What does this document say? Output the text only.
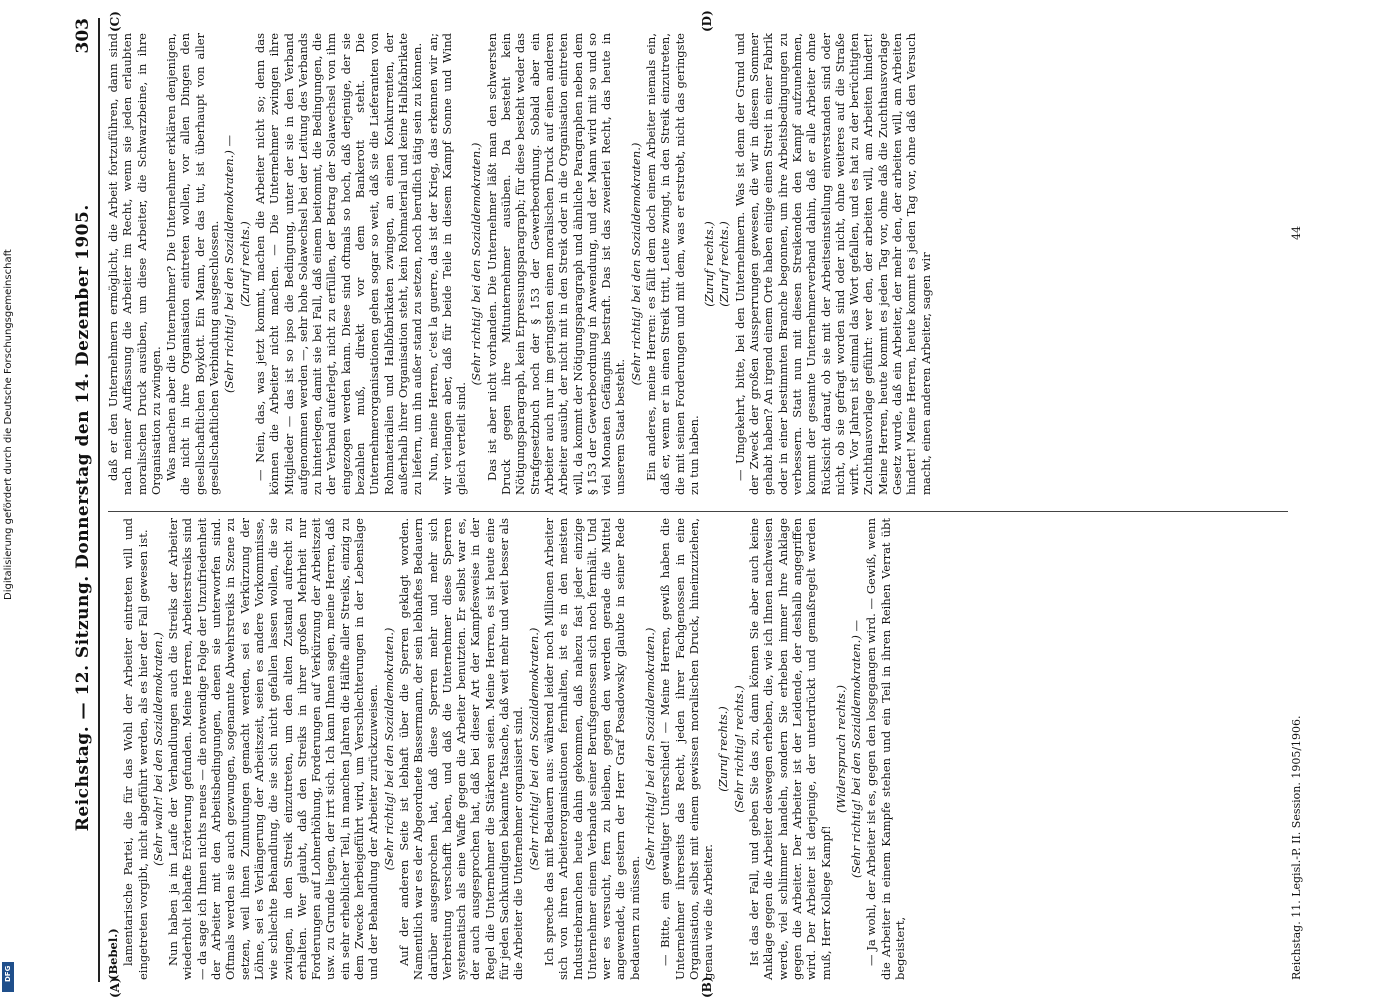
Reichstag. — 12. Sitzung. Donnerstag den 14. Dezember 1905.
303
(A)	(B)
(C)	(D)

(Bebel.) lamentarische Partei, die für das Wohl der Arbeiter eintreten will und eingetreten vorgibt, nicht abgeführt werden, als es hier der Fall gewesen ist. (Sehr wahr! bei den Sozialdemokraten.) Nun haben ja im Laufe der Verhandlungen auch die Streiks der Arbeiter wiederholt lebhafte Erörterung gefunden. Meine Herren, Arbeiterstreiks sind — da sage ich Ihnen nichts neues — die notwendige Folge der Unzufriedenheit der Arbeiter mit den Arbeitsbedingungen, denen sie unterworfen sind. Oftmals werden sie auch gezwungen, sogenannte Abwehrstreiks in Szene zu setzen, weil ihnen Zumutungen gemacht werden, sei es Verkürzung der Löhne, sei es Verlängerung der Arbeitszeit, seien es andere Vorkommnisse, wie schlechte Behandlung, die sie sich nicht gefallen lassen wollen, die sie zwingen, in den Streik einzutreten, um den alten Zustand aufrecht zu erhalten. Wer glaubt, daß den Streiks in ihrer großen Mehrheit nur Forderungen auf Lohnerhöhung, Forderungen auf Verkürzung der Arbeitszeit usw. zu Grunde liegen, der irrt sich. Ich kann Ihnen sagen, meine Herren, daß ein sehr erheblicher Teil, in manchen Jahren die Hälfte aller Streiks, einzig zu dem Zwecke herbeigeführt wird, um Verschlechterungen in der Lebenslage und der Behandlung der Arbeiter zurückzuweisen. (Sehr richtig! bei den Sozialdemokraten.) Auf der anderen Seite ist lebhaft über die Sperren geklagt worden. Namentlich war es der Abgeordnete Bassermann, der sein lebhaftes Bedauern darüber ausgesprochen hat, daß diese Sperren mehr und mehr sich Verbreitung verschafft haben, und daß die Unternehmer diese Sperren systematisch als eine Waffe gegen die Arbeiter benutzten. Er selbst war es, der auch ausgesprochen hat, daß bei dieser Art der Kampfesweise in der Regel die Unternehmer die Stärkeren seien. Meine Herren, es ist heute eine für jeden Sachkundigen bekannte Tatsache, daß weit mehr und weit besser als die Arbeiter die Unternehmer organisiert sind. (Sehr richtig! bei den Sozialdemokraten.) Ich spreche das mit Bedauern aus: während leider noch Millionen Arbeiter sich von ihren Arbeiterorganisationen fernhalten, ist es in den meisten Industriebranchen heute dahin gekommen, daß nahezu fast jeder einzige Unternehmer einem Verbande seiner Berufsgenossen sich noch fernhält. Und wer es versucht, fern zu bleiben, gegen den werden gerade die Mittel angewendet, die gestern der Herr Graf Posadowsky glaubte in seiner Rede bedauern zu müssen.

(Sehr richtig! bei den Sozialdemokraten.) — Bitte, ein gewaltiger Unterschied! — Meine Herren, gewiß haben die Unternehmer ihrerseits das Recht, jeden ihrer Fachgenossen in eine Organisation, selbst mit einem gewissen moralischen Druck, hineinzuziehen, genau wie die Arbeiter.

(Zuruf rechts.) (Sehr richtig! rechts.) Ist das der Fall, und geben Sie das zu, dann können Sie aber auch keine Anklage gegen die Arbeiter deswegen erheben, die, wie ich Ihnen nachweisen werde, viel schlimmer handeln, sondern Sie erheben immer Ihre Anklage gegen die Arbeiter. Der Arbeiter ist der Leidende, der deshalb angegriffen wird. Der Arbeiter ist derjenige, der unterdrückt und gemaßregelt werden muß, Herr Kollege Kampf!

(Widerspruch rechts.) (Sehr richtig! bei den Sozialdemokraten.) — — Ja wohl, der Arbeiter ist es, gegen den losgegangen wird. — Gewiß, wenn die Arbeiter in einem Kampfe stehen und ein Teil in ihren Reihen Verrat übt begeistert,

daß er den Unternehmern ermöglicht, die Arbeit fortzuführen, dann sind nach meiner Auffassung die Arbeiter im Recht, wenn sie jeden erlaubten moralischen Druck ausüben, um diese Arbeiter, die Schwarzbeine, in ihre Organisation zu zwingen. Was machen aber die Unternehmer? Die Unternehmer erklären denjenigen, die nicht in ihre Organisation eintreten wollen, vor allen Dingen den gesellschaftlichen Boykott. Ein Mann, der das tut, ist überhaupt von aller gesellschaftlichen Verbindung ausgeschlossen. (Sehr richtig! bei den Sozialdemokraten.) — (Zuruf rechts.) — Nein, das, was jetzt kommt, machen die Arbeiter nicht so; denn das können die Arbeiter nicht machen. — Die Unternehmer zwingen ihre Mitglieder — das ist so ipso die Bedingung, unter der sie in den Verband aufgenommen werden —, sehr hohe Solawechsel bei der Leitung des Verbands zu hinterlegen, damit sie bei Fall, daß einem beitommt, die Bedingungen, die der Verband auferlegt, nicht zu erfüllen, der Betrag der Solawechsel von ihm eingezogen werden kann. Diese sind oftmals so hoch, daß derjenige, der sie bezahlen muß, direkt vor dem Bankerott steht. Die Unternehmerorganisationen gehen sogar so weit, daß sie die Lieferanten von Rohmaterialien und Halbfabrikaten zwingen, an einen Konkurrenten, der außerhalb ihrer Organisation steht, kein Rohmaterial und keine Halbfabrikate zu liefern, um ihn außer stand zu setzen, noch beruflich tätig sein zu können. Nun, meine Herren, c'est la guerre, das ist der Krieg, das erkennen wir an; wir verlangen aber, daß für beide Teile in diesem Kampf Sonne und Wind gleich verteilt sind.

(Sehr richtig! bei den Sozialdemokraten.) Das ist aber nicht vorhanden. Die Unternehmer läßt man den schwersten Druck gegen ihre Mitunternehmer ausüben. Da besteht kein Nötigungsparagraph, kein Erpressungsparagraph; für diese besteht weder das Strafgesetzbuch noch der § 153 der Gewerbeordnung. Sobald aber ein Arbeiter auch nur im geringsten einen moralischen Druck auf einen anderen Arbeiter ausübt, der nicht mit in den Streik oder in die Organisation eintreten will, da kommt der Nötigungsparagraph und ähnliche Paragraphen neben dem § 153 der Gewerbeordnung in Anwendung, und der Mann wird mit so und so viel Monaten Gefängnis bestraft. Das ist das zweierlei Recht, das heute in unserem Staat besteht.

(Sehr richtig! bei den Sozialdemokraten.) Ein anderes, meine Herren: es fällt dem doch einem Arbeiter niemals ein, daß er, wenn er in einen Streik tritt, Leute zwingt, in den Streik einzutreten, die mit seinen Forderungen und mit dem, was er erstrebt, nicht das geringste zu tun haben.

(Zuruf rechts.) (Zuruf rechts.) — Umgekehrt, bitte, bei den Unternehmern. Was ist denn der Grund und der Zweck der großen Aussperrungen gewesen, die wir in diesem Sommer gehabt haben? An irgend einem Orte haben einige einen Streit in einer Fabrik oder in einer bestimmten Branche begonnen, um ihre Arbeitsbedingungen zu verbessern. Statt nun mit diesen Streikenden den Kampf aufzunehmen, kommt der gesamte Unternehmerverband dahin, daß er alle Arbeiter ohne Rücksicht darauf, ob sie mit der Arbeitseinstellung einverstanden sind oder nicht, ob sie gefragt worden sind oder nicht, ohne weiteres auf die Straße wirft. Vor Jahren ist einmal das Wort gefallen, und es hat zu der berüchtigten Zuchthausvorlage geführt: wer den, der arbeiten will, am Arbeiten hindert! Meine Herren, heute kommt es jeden Tag vor, ohne daß die Zuchthausvorlage Gesetz wurde, daß ein Arbeiter, der mehr den, der arbeiten will, am Arbeiten hindert! Meine Herren, heute kommt es jeden Tag vor, ohne daß den Versuch macht, einen anderen Arbeiter, sagen wir

Reichstag. 11. Legisl.-P. II. Session. 1905/1906.
44
Digitalisierung gefördert durch die Deutsche Forschungsgemeinschaft
DFG
